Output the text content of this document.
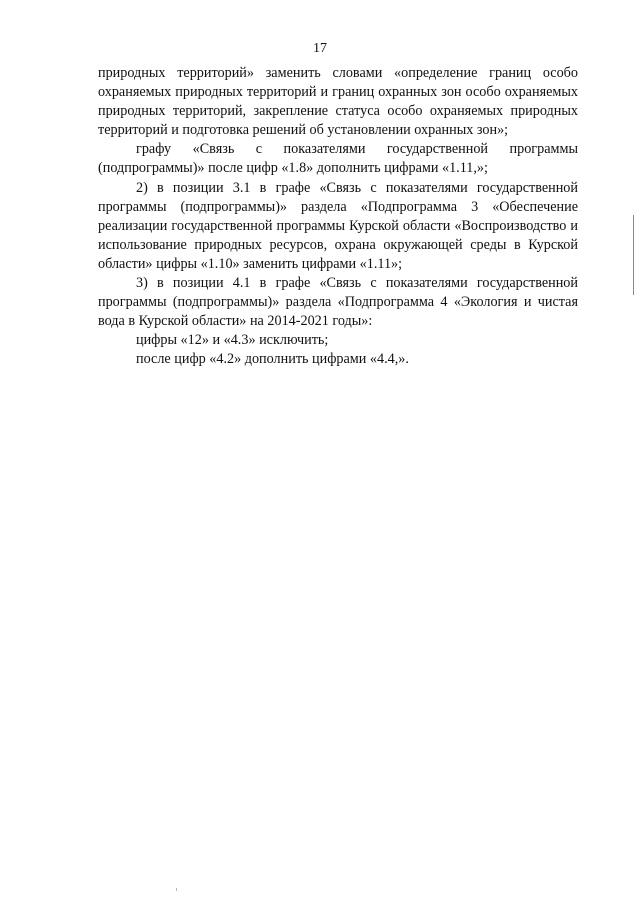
17

природных территорий» заменить словами «определение границ особо охраняемых природных территорий и границ охранных зон особо охраняемых природных территорий, закрепление статуса особо охраняемых природных территорий и подготовка решений об установлении охранных зон»;

графу «Связь с показателями государственной программы (подпрограммы)» после цифр «1.8» дополнить цифрами «1.11,»;

2) в позиции 3.1 в графе «Связь с показателями государственной программы (подпрограммы)» раздела «Подпрограмма 3 «Обеспечение реализации государственной программы Курской области «Воспроизводство и использование природных ресурсов, охрана окружающей среды в Курской области» цифры «1.10» заменить цифрами «1.11»;

3) в позиции 4.1 в графе «Связь с показателями государственной программы (подпрограммы)» раздела «Подпрограмма 4 «Экология и чистая вода в Курской области» на 2014-2021 годы»:

цифры «12» и «4.3» исключить;

после цифр «4.2» дополнить цифрами «4.4,».
